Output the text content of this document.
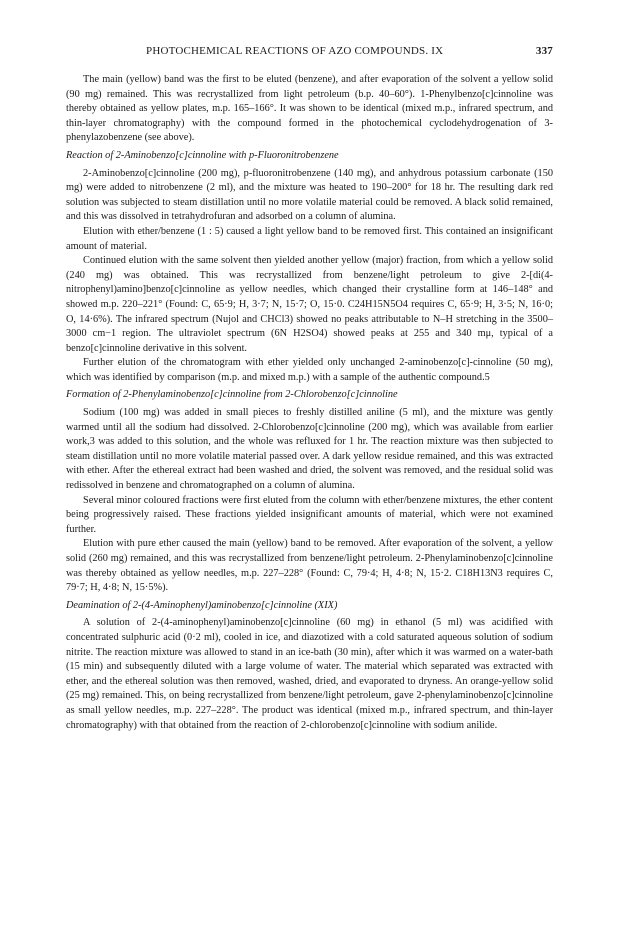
PHOTOCHEMICAL REACTIONS OF AZO COMPOUNDS. IX	337

The main (yellow) band was the first to be eluted (benzene), and after evaporation of the solvent a yellow solid (90 mg) remained. This was recrystallized from light petroleum (b.p. 40–60°). 1-Phenylbenzo[c]cinnoline was thereby obtained as yellow plates, m.p. 165–166°. It was shown to be identical (mixed m.p., infrared spectrum, and thin-layer chromatography) with the compound formed in the photochemical cyclodehydrogenation of 3-phenylazobenzene (see above).

Reaction of 2-Aminobenzo[c]cinnoline with p-Fluoronitrobenzene

2-Aminobenzo[c]cinnoline (200 mg), p-fluoronitrobenzene (140 mg), and anhydrous potassium carbonate (150 mg) were added to nitrobenzene (2 ml), and the mixture was heated to 190–200° for 18 hr. The resulting dark red solution was subjected to steam distillation until no more volatile material could be removed. A black solid remained, and this was dissolved in tetrahydrofuran and adsorbed on a column of alumina.

Elution with ether/benzene (1 : 5) caused a light yellow band to be removed first. This contained an insignificant amount of material.

Continued elution with the same solvent then yielded another yellow (major) fraction, from which a yellow solid (240 mg) was obtained. This was recrystallized from benzene/light petroleum to give 2-[di(4-nitrophenyl)amino]benzo[c]cinnoline as yellow needles, which changed their crystalline form at 146–148° and showed m.p. 220–221° (Found: C, 65·9; H, 3·7; N, 15·7; O, 15·0. C24H15N5O4 requires C, 65·9; H, 3·5; N, 16·0; O, 14·6%). The infrared spectrum (Nujol and CHCl3) showed no peaks attributable to N–H stretching in the 3500–3000 cm−1 region. The ultraviolet spectrum (6N H2SO4) showed peaks at 255 and 340 mμ, typical of a benzo[c]cinnoline derivative in this solvent.

Further elution of the chromatogram with ether yielded only unchanged 2-aminobenzo[c]-cinnoline (50 mg), which was identified by comparison (m.p. and mixed m.p.) with a sample of the authentic compound.5

Formation of 2-Phenylaminobenzo[c]cinnoline from 2-Chlorobenzo[c]cinnoline

Sodium (100 mg) was added in small pieces to freshly distilled aniline (5 ml), and the mixture was gently warmed until all the sodium had dissolved. 2-Chlorobenzo[c]cinnoline (200 mg), which was available from earlier work,3 was added to this solution, and the whole was refluxed for 1 hr. The reaction mixture was then subjected to steam distillation until no more volatile material passed over. A dark yellow residue remained, and this was extracted with ether. After the ethereal extract had been washed and dried, the solvent was removed, and the residual solid was redissolved in benzene and chromatographed on a column of alumina.

Several minor coloured fractions were first eluted from the column with ether/benzene mixtures, the ether content being progressively raised. These fractions yielded insignificant amounts of material, which were not examined further.

Elution with pure ether caused the main (yellow) band to be removed. After evaporation of the solvent, a yellow solid (260 mg) remained, and this was recrystallized from benzene/light petroleum. 2-Phenylaminobenzo[c]cinnoline was thereby obtained as yellow needles, m.p. 227–228° (Found: C, 79·4; H, 4·8; N, 15·2. C18H13N3 requires C, 79·7; H, 4·8; N, 15·5%).

Deamination of 2-(4-Aminophenyl)aminobenzo[c]cinnoline (XIX)

A solution of 2-(4-aminophenyl)aminobenzo[c]cinnoline (60 mg) in ethanol (5 ml) was acidified with concentrated sulphuric acid (0·2 ml), cooled in ice, and diazotized with a cold saturated aqueous solution of sodium nitrite. The reaction mixture was allowed to stand in an ice-bath (30 min), after which it was warmed on a water-bath (15 min) and subsequently diluted with a large volume of water. The material which separated was extracted with ether, and the ethereal solution was then removed, washed, dried, and evaporated to dryness. An orange-yellow solid (25 mg) remained. This, on being recrystallized from benzene/light petroleum, gave 2-phenylaminobenzo[c]cinnoline as small yellow needles, m.p. 227–228°. The product was identical (mixed m.p., infrared spectrum, and thin-layer chromatography) with that obtained from the reaction of 2-chlorobenzo[c]cinnoline with sodium anilide.
